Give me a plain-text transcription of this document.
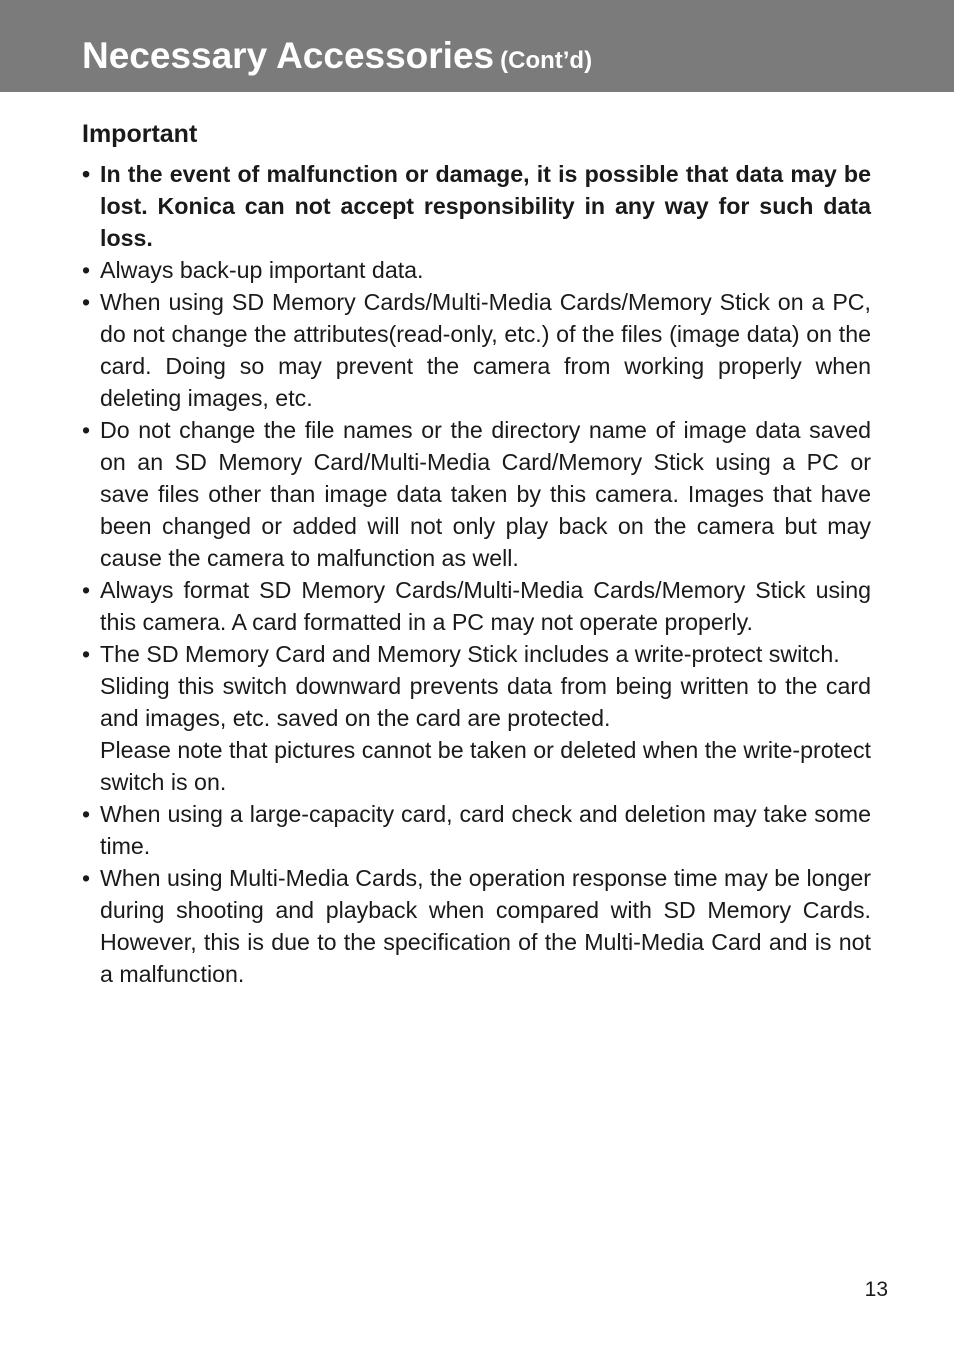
Necessary Accessories (Cont’d)
Important
• In the event of malfunction or damage, it is possible that data may be lost. Konica can not accept responsibility in any way for such data loss.
• Always back-up important data.
• When using SD Memory Cards/Multi-Media Cards/Memory Stick on a PC, do not change the attributes(read-only, etc.) of the files (image data) on the card. Doing so may prevent the camera from working properly when deleting images, etc.
• Do not change the file names or the directory name of image data saved on an SD Memory Card/Multi-Media Card/Memory Stick using a PC or save files other than image data taken by this camera. Images that have been changed or added will not only play back on the camera but may cause the camera to malfunction as well.
• Always format SD Memory Cards/Multi-Media Cards/Memory Stick using this camera. A card formatted in a PC may not operate properly.
• The SD Memory Card and Memory Stick includes a write-protect switch.
Sliding this switch downward prevents data from being written to the card and images, etc. saved on the card are protected.
Please note that pictures cannot be taken or deleted when the write-protect switch is on.
• When using a large-capacity card, card check and deletion may take some time.
• When using Multi-Media Cards, the operation response time may be longer during shooting and playback when compared with SD Memory Cards. However, this is due to the specification of the Multi-Media Card and is not a malfunction.
13
